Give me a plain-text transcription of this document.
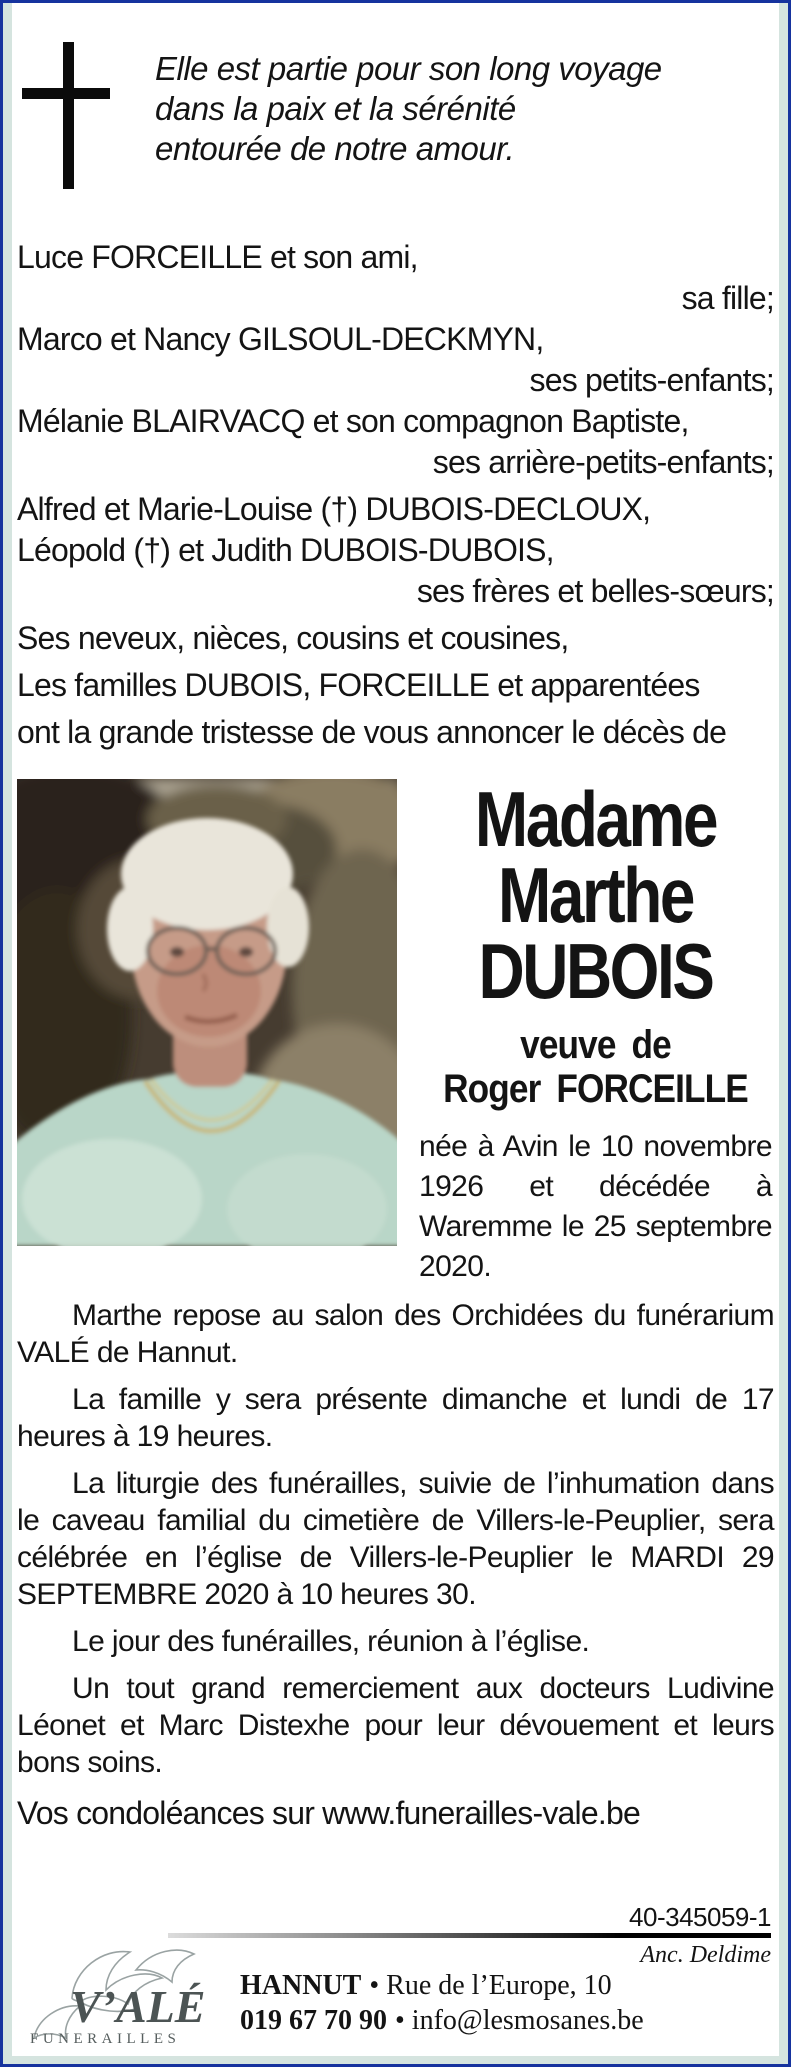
Elle est partie pour son long voyage
dans la paix et la sérénité
entourée de notre amour.
Luce FORCEILLE et son ami,
sa fille;
Marco et Nancy GILSOUL-DECKMYN,
ses petits-enfants;
Mélanie BLAIRVACQ et son compagnon Baptiste,
ses arrière-petits-enfants;
Alfred et Marie-Louise (†) DUBOIS-DECLOUX,
Léopold (†) et Judith DUBOIS-DUBOIS,
ses frères et belles-sœurs;
Ses neveux, nièces, cousins et cousines,
Les familles DUBOIS, FORCEILLE et apparentées
ont la grande tristesse de vous annoncer le décès de
Madame
Marthe
DUBOIS
veuve de
Roger FORCEILLE
née à Avin le 10 novembre 1926 et décédée à Waremme le 25 septembre 2020.

Marthe repose au salon des Orchidées du funérarium VALÉ de Hannut.

La famille y sera présente dimanche et lundi de 17 heures à 19 heures.

La liturgie des funérailles, suivie de l’inhumation dans le caveau familial du cimetière de Villers-le-Peuplier, sera célébrée en l’église de Villers-le-Peuplier le MARDI 29 SEPTEMBRE 2020 à 10 heures 30.

Le jour des funérailles, réunion à l’église.

Un tout grand remerciement aux docteurs Ludivine Léonet et Marc Distexhe pour leur dévouement et leurs bons soins.

Vos condoléances sur www.funerailles-vale.be
40-345059-1
V’ALÉ
FUNERAILLES
Anc. Deldime
HANNUT • Rue de l’Europe, 10
019 67 70 90 • info@lesmosanes.be
